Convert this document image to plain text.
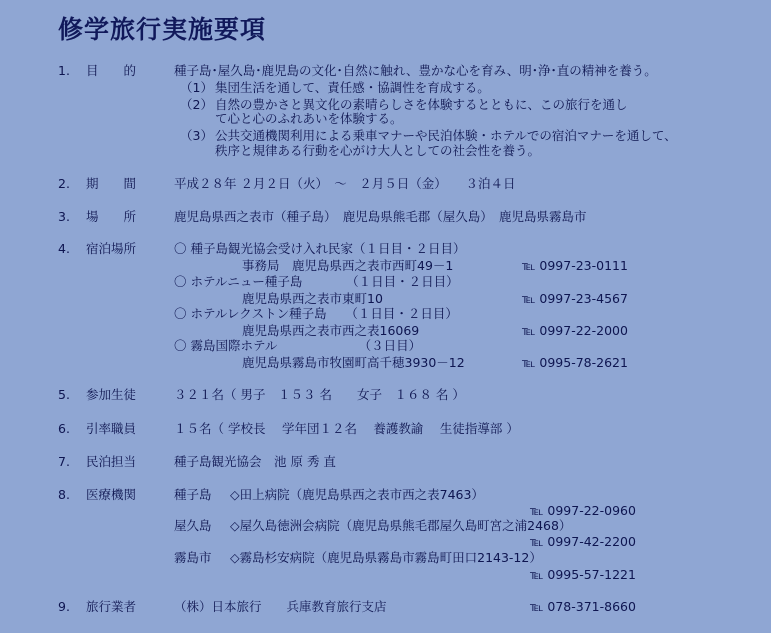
修学旅行実施要項
1. 目　　的	種子島･屋久島･鹿児島の文化･自然に触れ、豊かな心を育み、明･浄･直の精神を養う。
（1） 集団生活を通して、責任感・協調性を育成する。
（2） 自然の豊かさと異文化の素晴らしさを体験するとともに、この旅行を通し
て心と心のふれあいを体験する。
（3） 公共交通機関利用による乗車マナーや民泊体験・ホテルでの宿泊マナーを通して、
秩序と規律ある行動を心がけ大人としての社会性を養う。
2. 期　　間	平成２８年 ２月２日（火）　～　２月５日（金）　　３泊４日
3. 場　　所	鹿児島県西之表市（種子島）　鹿児島県熊毛郡（屋久島）　鹿児島県霧島市
4. 宿泊場所	〇 種子島観光協会受け入れ民家（１日目・２日目）
事務局　鹿児島県西之表市西町49－1	℡ 0997-23-0111
〇 ホテルニュー種子島　　　　（１日目・２日目）
鹿児島県西之表市東町10	℡ 0997-23-4567
〇 ホテルレクストン種子島　　（１日目・２日目）
鹿児島県西之表市西之表16069	℡ 0997-22-2000
〇 霧島国際ホテル　　　　　　　（３日目）
鹿児島県霧島市牧園町高千穂3930－12	℡ 0995-78-2621
5. 参加生徒	３２１名（ 男子　１５３ 名　　女子　１６８ 名 ）
6. 引率職員	１５名（ 学校長　 学年団１２名　 養護教諭　 生徒指導部 ）
7. 民泊担当	種子島観光協会　池 原 秀 直
8. 医療機関	種子島 ◇田上病院（鹿児島県西之表市西之表7463）
℡ 0997-22-0960
屋久島 ◇屋久島徳洲会病院（鹿児島県熊毛郡屋久島町宮之浦2468）
℡ 0997-42-2200
霧島市 ◇霧島杉安病院（鹿児島県霧島市霧島町田口2143-12）
℡ 0995-57-1221
9. 旅行業者	（株）日本旅行　　兵庫教育旅行支店	℡ 078-371-8660
